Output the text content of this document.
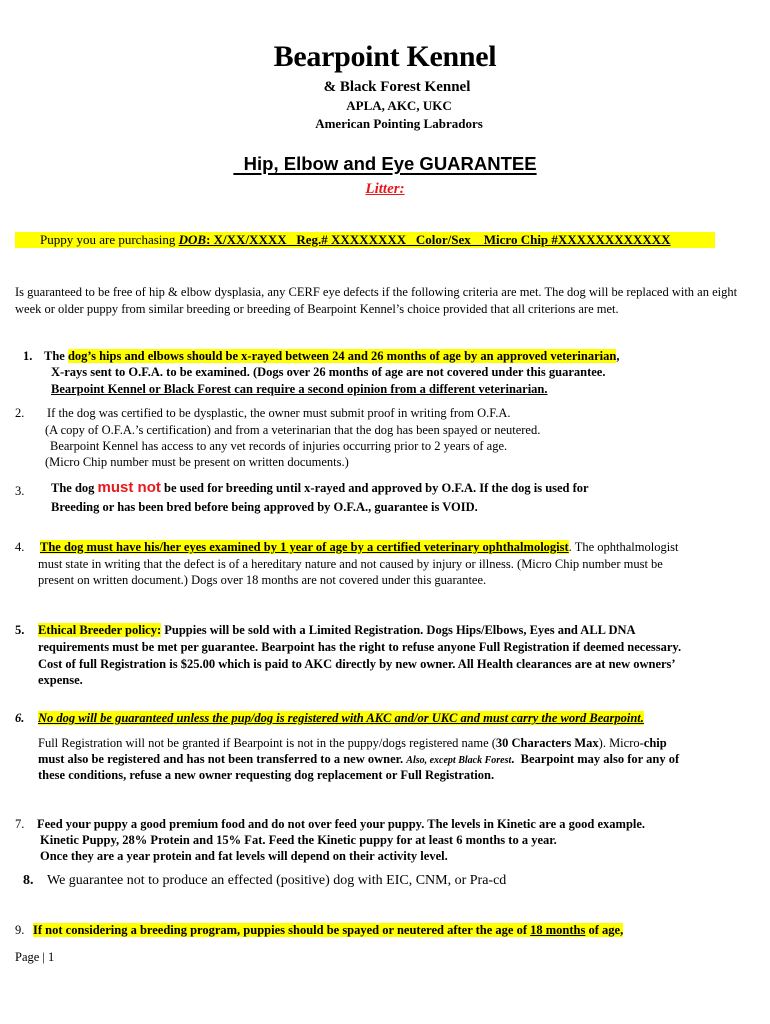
Bearpoint Kennel
& Black Forest Kennel
APLA, AKC, UKC
American Pointing Labradors
Hip, Elbow and Eye GUARANTEE
Litter:
Puppy you are purchasing DOB: X/XX/XXXX   Reg.# XXXXXXXX   Color/Sex    Micro Chip #XXXXXXXXXXXX
Is guaranteed to be free of hip & elbow dysplasia, any CERF eye defects if the following criteria are met. The dog will be replaced with an eight week or older puppy from similar breeding or breeding of Bearpoint Kennel’s choice provided that all criterions are met.
1. The dog’s hips and elbows should be x-rayed between 24 and 26 months of age by an approved veterinarian,
X-rays sent to O.F.A. to be examined. (Dogs over 26 months of age are not covered under this guarantee.
Bearpoint Kennel or Black Forest can require a second opinion from a different veterinarian.
2. If the dog was certified to be dysplastic, the owner must submit proof in writing from O.F.A.
(A copy of O.F.A.’s certification) and from a veterinarian that the dog has been spayed or neutered.
Bearpoint Kennel has access to any vet records of injuries occurring prior to 2 years of age.
(Micro Chip number must be present on written documents.)
3. The dog must not be used for breeding until x-rayed and approved by O.F.A. If the dog is used for
Breeding or has been bred before being approved by O.F.A., guarantee is VOID.
4. The dog must have his/her eyes examined by 1 year of age by a certified veterinary ophthalmologist. The ophthalmologist
must state in writing that the defect is of a hereditary nature and not caused by injury or illness. (Micro Chip number must be
present on written document.) Dogs over 18 months are not covered under this guarantee.
5. Ethical Breeder policy: Puppies will be sold with a Limited Registration. Dogs Hips/Elbows, Eyes and ALL DNA
requirements must be met per guarantee. Bearpoint has the right to refuse anyone Full Registration if deemed necessary.
Cost of full Registration is $25.00 which is paid to AKC directly by new owner. All Health clearances are at new owners’
expense.
6. No dog will be guaranteed unless the pup/dog is registered with AKC and/or UKC and must carry the word Bearpoint.
Full Registration will not be granted if Bearpoint is not in the puppy/dogs registered name (30 Characters Max). Micro-chip
must also be registered and has not been transferred to a new owner. Also, except Black Forest.  Bearpoint may also for any of
these conditions, refuse a new owner requesting dog replacement or Full Registration.
7. Feed your puppy a good premium food and do not over feed your puppy. The levels in Kinetic are a good example.
Kinetic Puppy, 28% Protein and 15% Fat. Feed the Kinetic puppy for at least 6 months to a year.
Once they are a year protein and fat levels will depend on their activity level.
8. We guarantee not to produce an effected (positive) dog with EIC, CNM, or Pra-cd
9. If not considering a breeding program, puppies should be spayed or neutered after the age of 18 months of age,
Page | 1
